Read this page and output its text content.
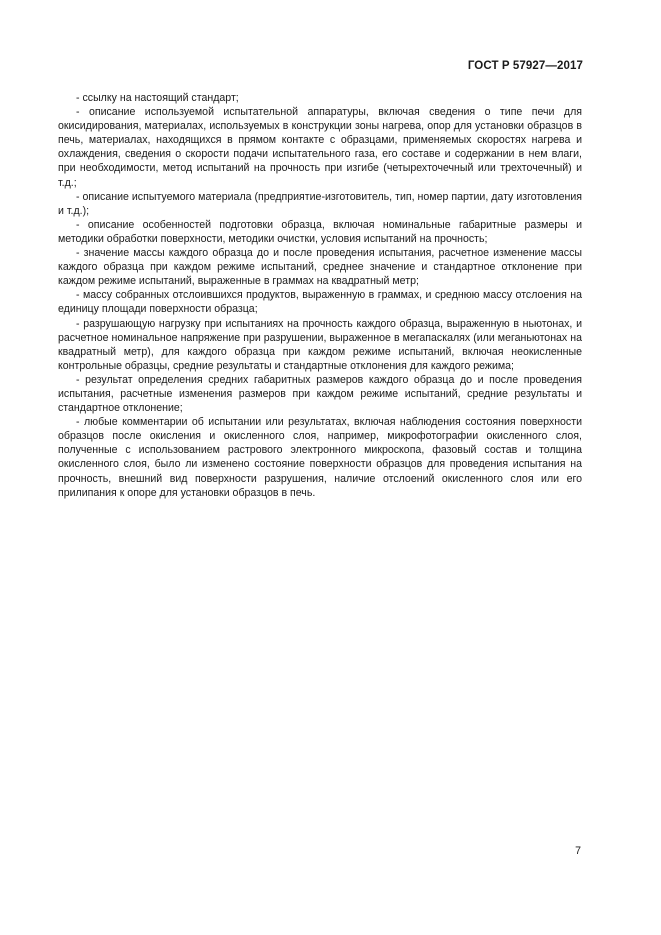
ГОСТ Р 57927—2017

- ссылку на настоящий стандарт;

- описание используемой испытательной аппаратуры, включая сведения о типе печи для окисидирования, материалах, используемых в конструкции зоны нагрева, опор для установки образцов в печь, материалах, находящихся в прямом контакте с образцами, применяемых скоростях нагрева и охлаждения, сведения о скорости подачи испытательного газа, его составе и содержании в нем влаги, при необходимости, метод испытаний на прочность при изгибе (четырехточечный или трехточечный) и т.д.;

- описание испытуемого материала (предприятие-изготовитель, тип, номер партии, дату изготовления и т.д.);

- описание особенностей подготовки образца, включая номинальные габаритные размеры и методики обработки поверхности, методики очистки, условия испытаний на прочность;

- значение массы каждого образца до и после проведения испытания, расчетное изменение массы каждого образца при каждом режиме испытаний, среднее значение и стандартное отклонение при каждом режиме испытаний, выраженные в граммах на квадратный метр;

- массу собранных отслоившихся продуктов, выраженную в граммах, и среднюю массу отслоения на единицу площади поверхности образца;

- разрушающую нагрузку при испытаниях на прочность каждого образца, выраженную в ньютонах, и расчетное номинальное напряжение при разрушении, выраженное в мегапаскалях (или меганьютонах на квадратный метр), для каждого образца при каждом режиме испытаний, включая неокисленные контрольные образцы, средние результаты и стандартные отклонения для каждого режима;

- результат определения средних габаритных размеров каждого образца до и после проведения испытания, расчетные изменения размеров при каждом режиме испытаний, средние результаты и стандартное отклонение;

- любые комментарии об испытании или результатах, включая наблюдения состояния поверхности образцов после окисления и окисленного слоя, например, микрофотографии окисленного слоя, полученные с использованием растрового электронного микроскопа, фазовый состав и толщина окисленного слоя, было ли изменено состояние поверхности образцов для проведения испытания на прочность, внешний вид поверхности разрушения, наличие отслоений окисленного слоя или его прилипания к опоре для установки образцов в печь.

7
